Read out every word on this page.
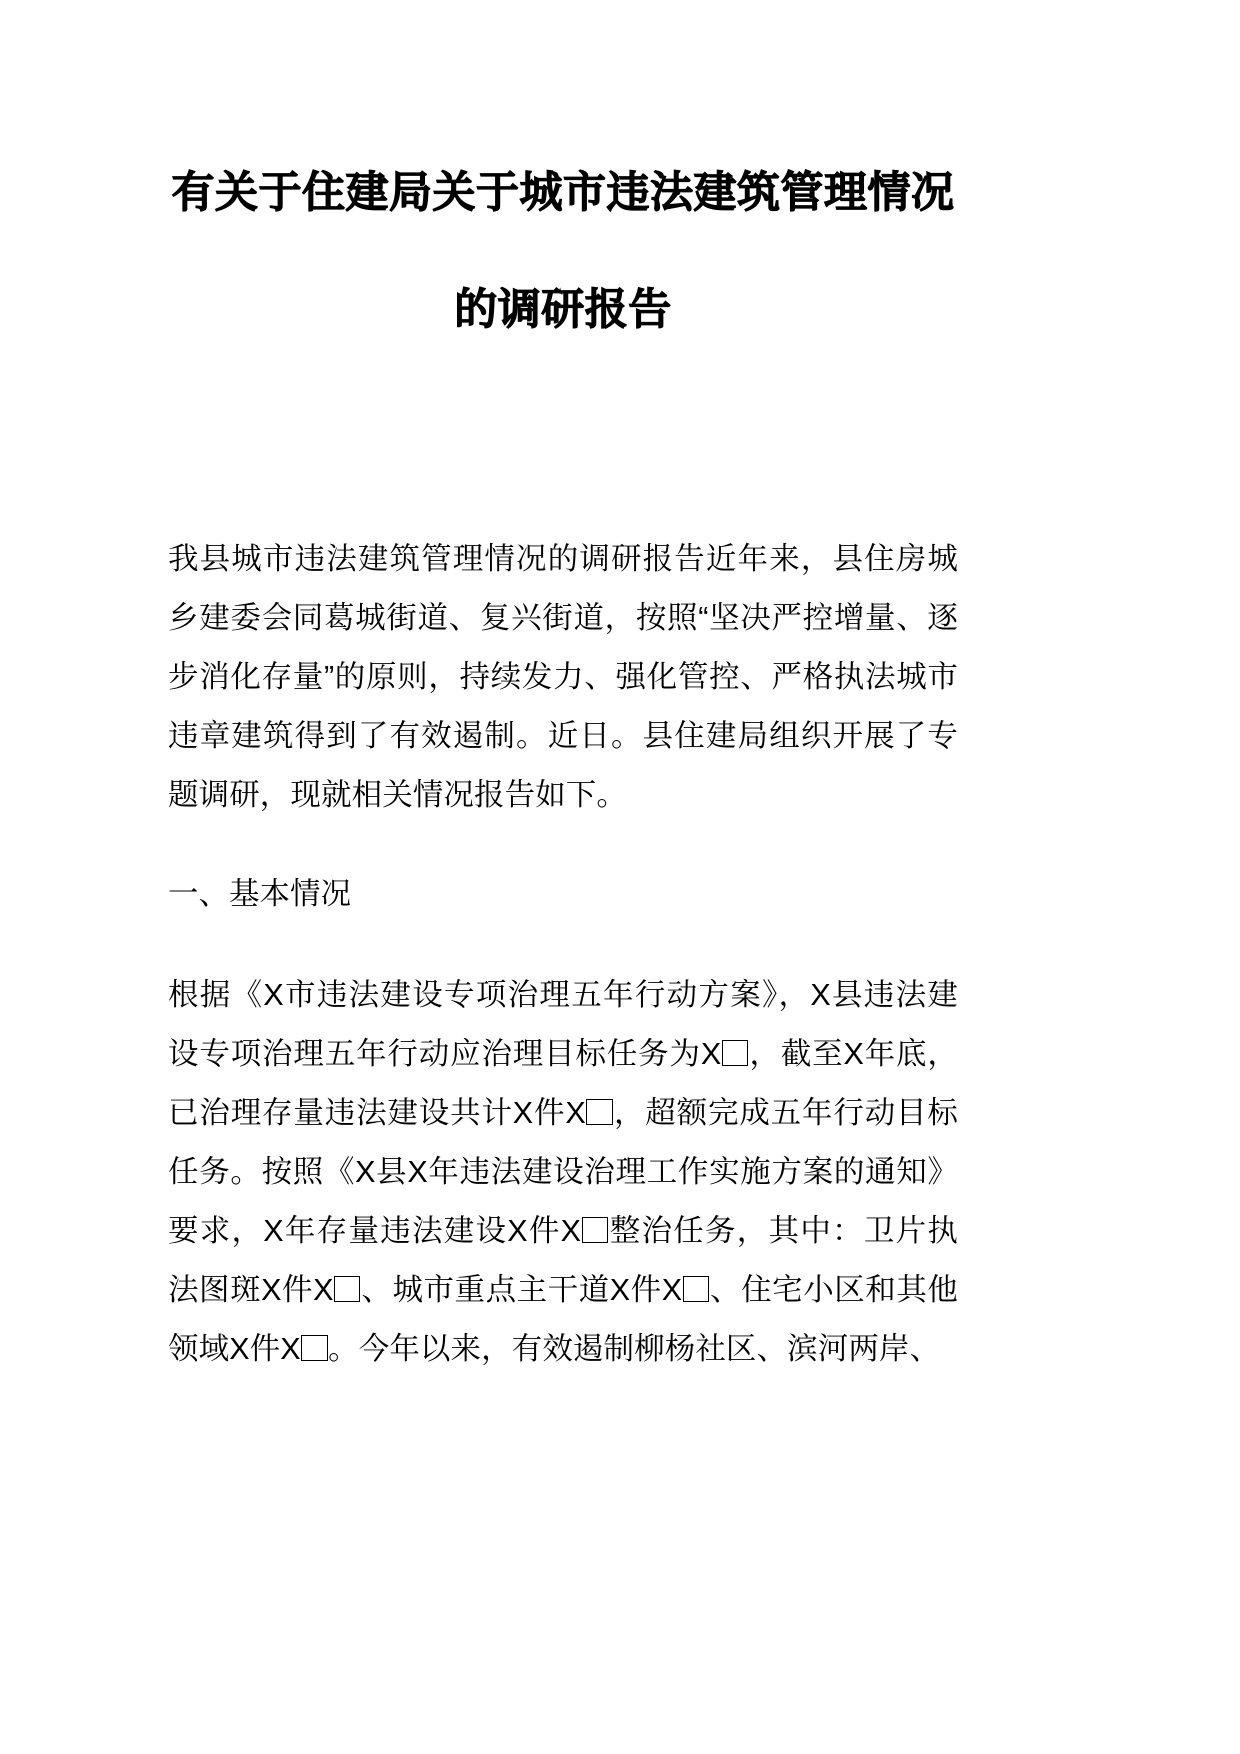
有关于住建局关于城市违法建筑管理情况
的调研报告

我县城市违法建筑管理情况的调研报告近年来，县住房城乡建委会同葛城街道、复兴街道，按照“坚决严控增量、逐步消化存量”的原则，持续发力、强化管控、严格执法城市违章建筑得到了有效遏制。近日。县住建局组织开展了专题调研，现就相关情况报告如下。

一、基本情况

根据《X市违法建设专项治理五年行动方案》，X县违法建设专项治理五年行动应治理目标任务为X ，截至X年底，已治理存量违法建设共计X件X ，超额完成五年行动目标任务。按照《X县X年违法建设治理工作实施方案的通知》要求，X年存量违法建设X件X 整治任务，其中：卫片执法图斑X件X 、城市重点主干道X件X 、住宅小区和其他领域X件X 。今年以来，有效遏制柳杨社区、滨河两岸、
